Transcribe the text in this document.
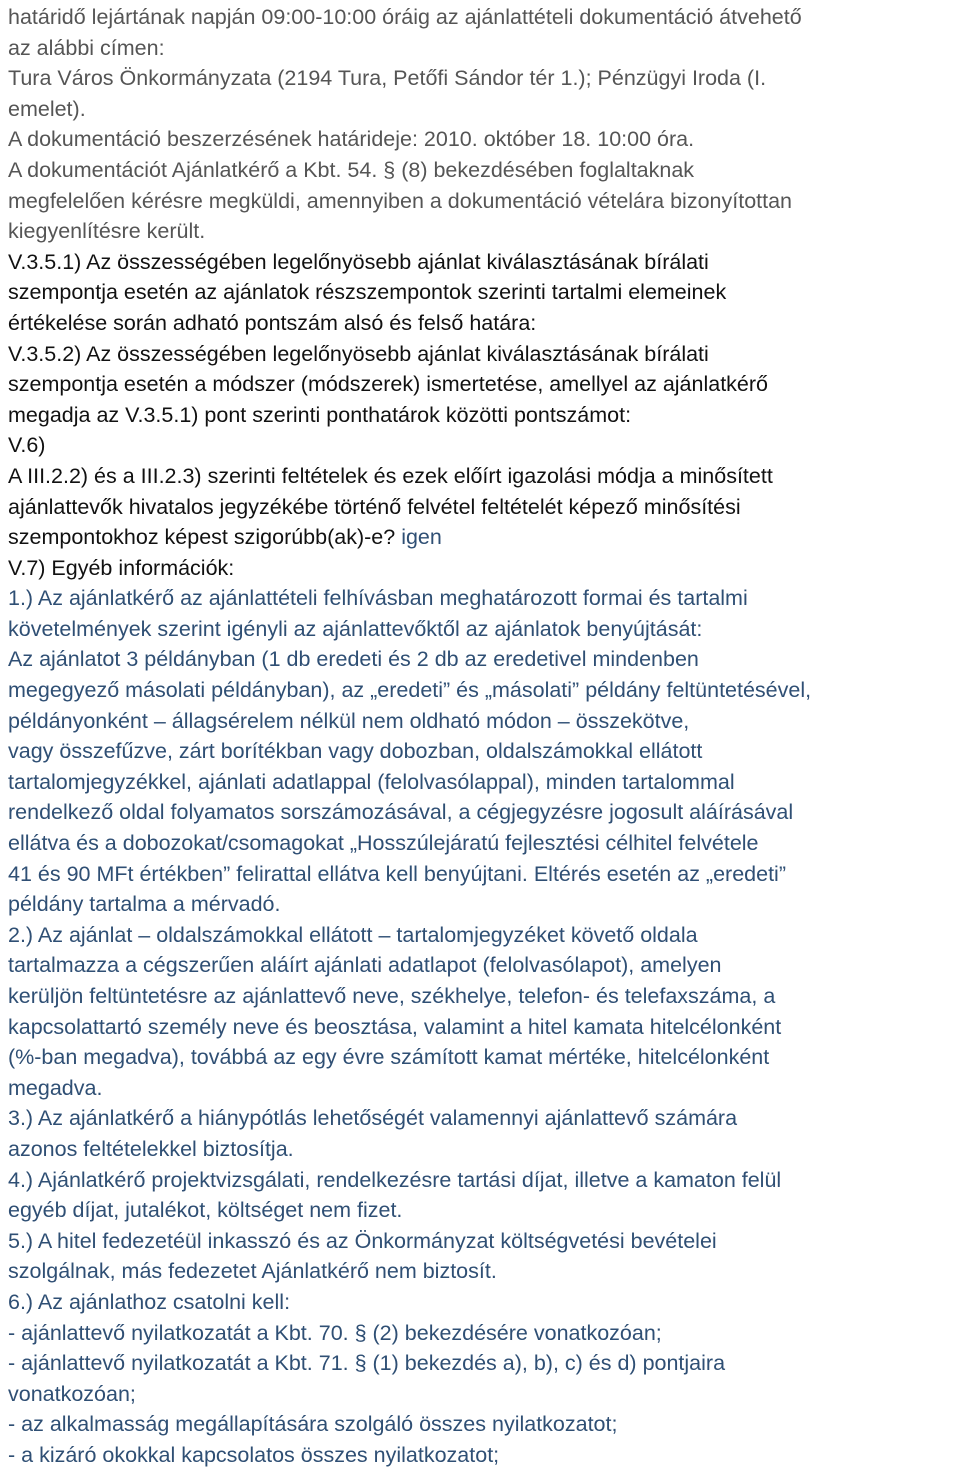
határidő lejártának napján 09:00-10:00 óráig az ajánlattételi dokumentáció átvehető
az alábbi címen:
Tura Város Önkormányzata (2194 Tura, Petőfi Sándor tér 1.); Pénzügyi Iroda (I.
emelet).
A dokumentáció beszerzésének határideje: 2010. október 18. 10:00 óra.
A dokumentációt Ajánlatkérő a Kbt. 54. § (8) bekezdésében foglaltaknak
megfelelően kérésre megküldi, amennyiben a dokumentáció vételára bizonyítottan
kiegyenlítésre került.
V.3.5.1) Az összességében legelőnyösebb ajánlat kiválasztásának bírálati
szempontja esetén az ajánlatok részszempontok szerinti tartalmi elemeinek
értékelése során adható pontszám alsó és felső határa:
V.3.5.2) Az összességében legelőnyösebb ajánlat kiválasztásának bírálati
szempontja esetén a módszer (módszerek) ismertetése, amellyel az ajánlatkérő
megadja az V.3.5.1) pont szerinti ponthatárok közötti pontszámot:
V.6)
A III.2.2) és a III.2.3) szerinti feltételek és ezek előírt igazolási módja a minősített
ajánlattevők hivatalos jegyzékébe történő felvétel feltételét képező minősítési
szempontokhoz képest szigorúbb(ak)-e? igen
V.7) Egyéb információk:
1.) Az ajánlatkérő az ajánlattételi felhívásban meghatározott formai és tartalmi
követelmények szerint igényli az ajánlattevőktől az ajánlatok benyújtását:
Az ajánlatot 3 példányban (1 db eredeti és 2 db az eredetivel mindenben
megegyező másolati példányban), az „eredeti” és „másolati” példány feltüntetésével,
példányonként – állagsérelem nélkül nem oldható módon – összekötve,
vagy összefűzve, zárt borítékban vagy dobozban, oldalszámokkal ellátott
tartalomjegyzékkel, ajánlati adatlappal (felolvasólappal), minden tartalommal
rendelkező oldal folyamatos sorszámozásával, a cégjegyzésre jogosult aláírásával
ellátva és a dobozokat/csomagokat „Hosszúlejáratú fejlesztési célhitel felvétele
41 és 90 MFt értékben” felirattal ellátva kell benyújtani. Eltérés esetén az „eredeti”
példány tartalma a mérvadó.
2.) Az ajánlat – oldalszámokkal ellátott – tartalomjegyzéket követő oldala
tartalmazza a cégszerűen aláírt ajánlati adatlapot (felolvasólapot), amelyen
kerüljön feltüntetésre az ajánlattevő neve, székhelye, telefon- és telefaxszáma, a
kapcsolattartó személy neve és beosztása, valamint a hitel kamata hitelcélonként
(%-ban megadva), továbbá az egy évre számított kamat mértéke, hitelcélonként
megadva.
3.) Az ajánlatkérő a hiánypótlás lehetőségét valamennyi ajánlattevő számára
azonos feltételekkel biztosítja.
4.) Ajánlatkérő projektvizsgálati, rendelkezésre tartási díjat, illetve a kamaton felül
egyéb díjat, jutalékot, költséget nem fizet.
5.) A hitel fedezetéül inkasszó és az Önkormányzat költségvetési bevételei
szolgálnak, más fedezetet Ajánlatkérő nem biztosít.
6.) Az ajánlathoz csatolni kell:
- ajánlattevő nyilatkozatát a Kbt. 70. § (2) bekezdésére vonatkozóan;
- ajánlattevő nyilatkozatát a Kbt. 71. § (1) bekezdés a), b), c) és d) pontjaira
vonatkozóan;
- az alkalmasság megállapítására szolgáló összes nyilatkozatot;
- a kizáró okokkal kapcsolatos összes nyilatkozatot;
